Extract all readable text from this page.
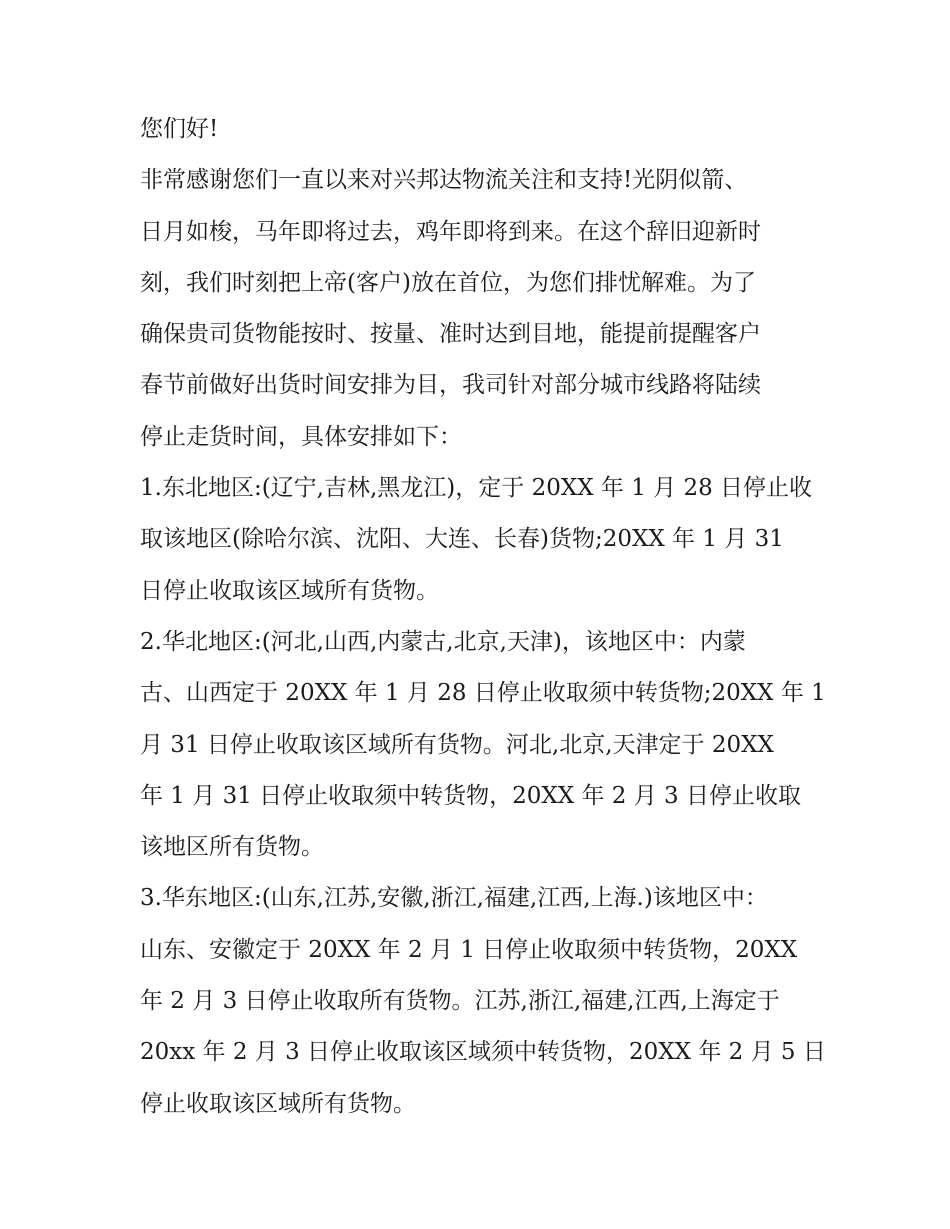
您们好!
非常感谢您们一直以来对兴邦达物流关注和支持!光阴似箭、
日月如梭，马年即将过去，鸡年即将到来。在这个辞旧迎新时
刻，我们时刻把上帝(客户)放在首位，为您们排忧解难。为了
确保贵司货物能按时、按量、准时达到目地，能提前提醒客户
春节前做好出货时间安排为目，我司针对部分城市线路将陆续
停止走货时间，具体安排如下：
1.东北地区:(辽宁,吉林,黑龙江)，定于 20XX 年 1 月 28 日停止收
取该地区(除哈尔滨、沈阳、大连、长春)货物;20XX 年 1 月 31
日停止收取该区域所有货物。
2.华北地区:(河北,山西,内蒙古,北京,天津)，该地区中：内蒙
古、山西定于 20XX 年 1 月 28 日停止收取须中转货物;20XX 年 1
月 31 日停止收取该区域所有货物。河北,北京,天津定于 20XX
年 1 月 31 日停止收取须中转货物，20XX 年 2 月 3 日停止收取
该地区所有货物。
3.华东地区:(山东,江苏,安徽,浙江,福建,江西,上海.)该地区中：
山东、安徽定于 20XX 年 2 月 1 日停止收取须中转货物，20XX
年 2 月 3 日停止收取所有货物。江苏,浙江,福建,江西,上海定于
20xx 年 2 月 3 日停止收取该区域须中转货物，20XX 年 2 月 5 日
停止收取该区域所有货物。
